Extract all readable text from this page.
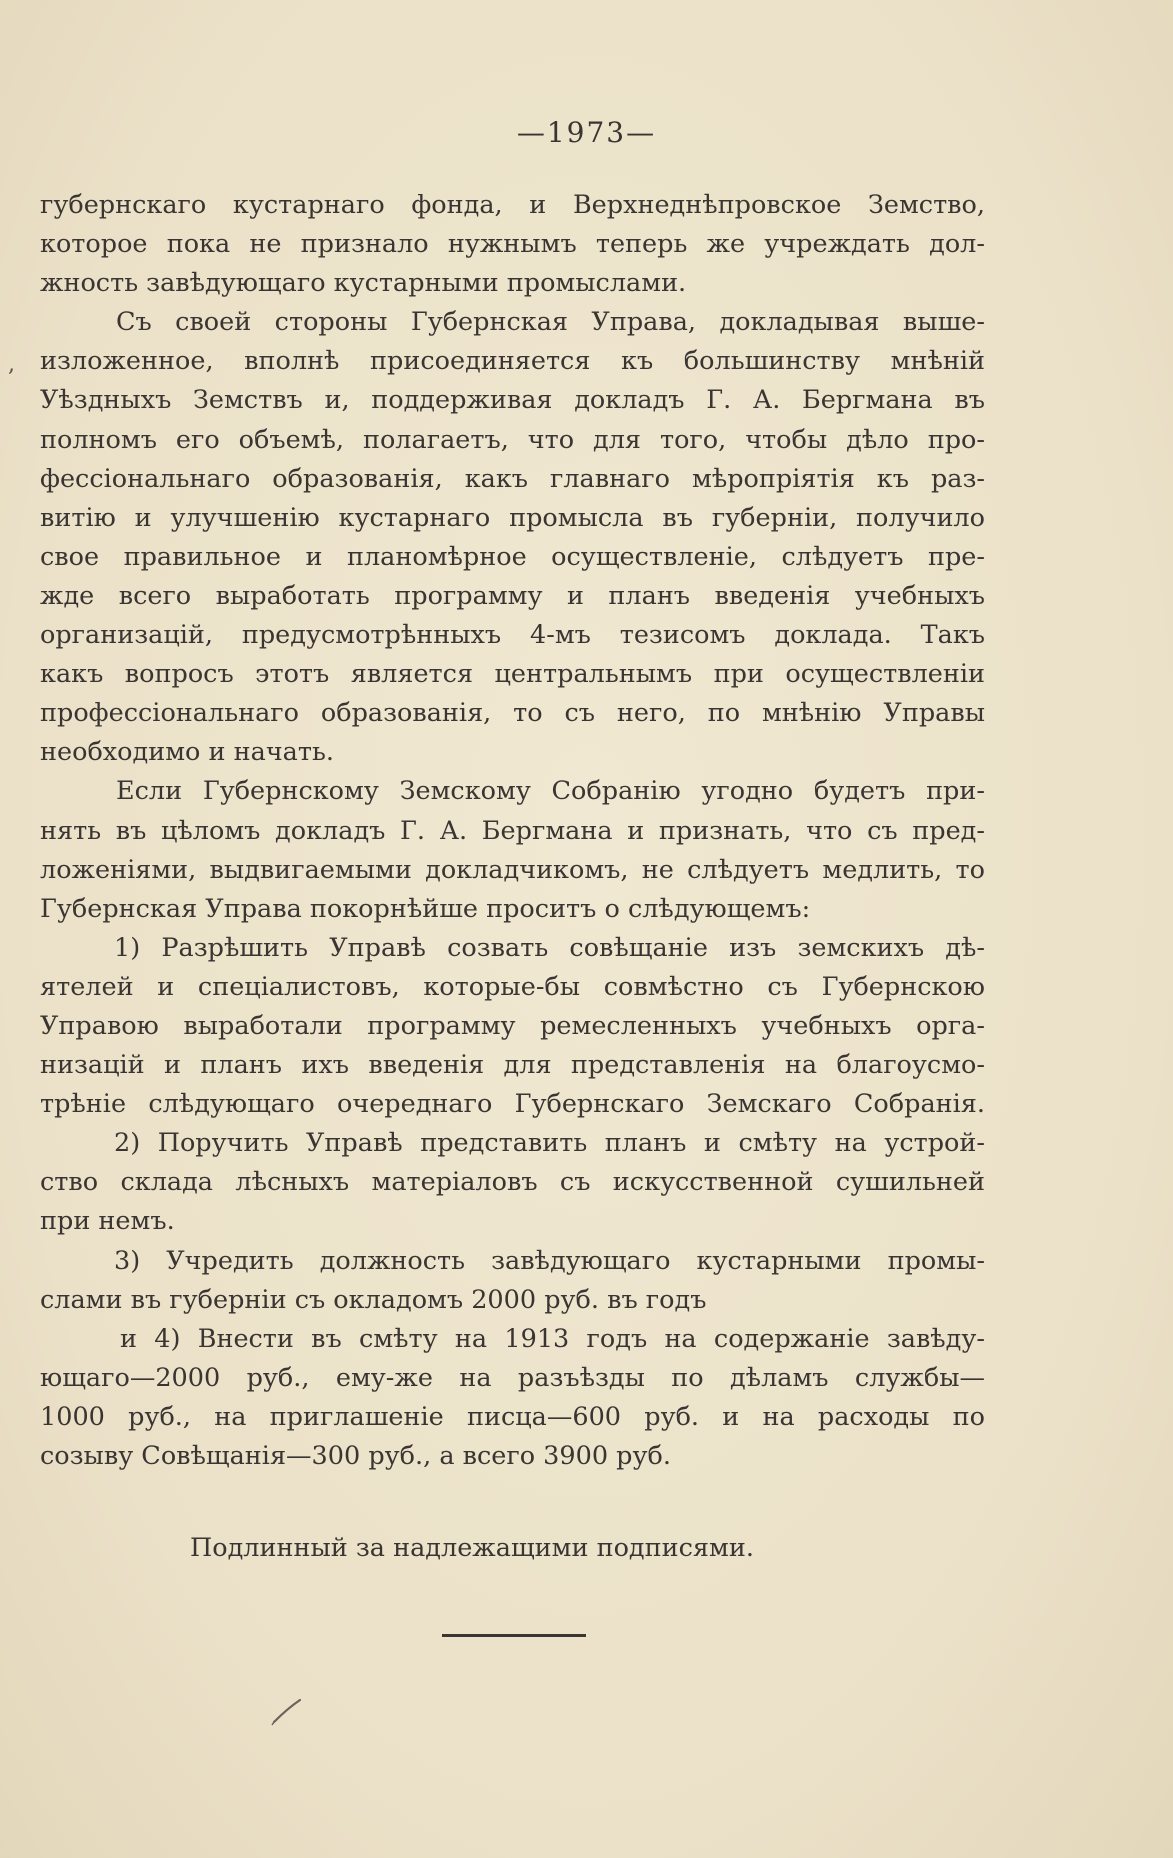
—1973—
,
губернскаго кустарнаго фонда, и Верхнеднѣпровское Земство,
которое пока не признало нужнымъ теперь же учреждать дол-
жность завѣдующаго кустарными промыслами.
Съ своей стороны Губернская Управа, докладывая выше-
изложенное, вполнѣ присоединяется къ большинству мнѣній
Уѣздныхъ Земствъ и, поддерживая докладъ Г. А. Бергмана въ
полномъ его объемѣ, полагаетъ, что для того, чтобы дѣло про-
фессіональнаго образованія, какъ главнаго мѣропріятія къ раз-
витію и улучшенію кустарнаго промысла въ губерніи, получило
свое правильное и планомѣрное осуществленіе, слѣдуетъ пре-
жде всего выработать программу и планъ введенія учебныхъ
организацій, предусмотрѣнныхъ 4-мъ тезисомъ доклада. Такъ
какъ вопросъ этотъ является центральнымъ при осуществленіи
профессіональнаго образованія, то съ него, по мнѣнію Управы
необходимо и начать.
Если Губернскому Земскому Собранію угодно будетъ при-
нять въ цѣломъ докладъ Г. А. Бергмана и признать, что съ пред-
ложеніями, выдвигаемыми докладчикомъ, не слѣдуетъ медлить, то
Губернская Управа покорнѣйше проситъ о слѣдующемъ:
1) Разрѣшить Управѣ созвать совѣщаніе изъ земскихъ дѣ-
ятелей и спеціалистовъ, которые-бы совмѣстно съ Губернскою
Управою выработали программу ремесленныхъ учебныхъ орга-
низацій и планъ ихъ введенія для представленія на благоусмо-
трѣніе слѣдующаго очереднаго Губернскаго Земскаго Собранія.
2) Поручить Управѣ представить планъ и смѣту на устрой-
ство склада лѣсныхъ матеріаловъ съ искусственной сушильней
при немъ.
3) Учредить должность завѣдующаго кустарными промы-
слами въ губерніи съ окладомъ 2000 руб. въ годъ
и 4) Внести въ смѣту на 1913 годъ на содержаніе завѣду-
ющаго—2000 руб., ему-же на разъѣзды по дѣламъ службы—
1000 руб., на приглашеніе писца—600 руб. и на расходы по
созыву Совѣщанія—300 руб., а всего 3900 руб.
Подлинный за надлежащими подписями.
